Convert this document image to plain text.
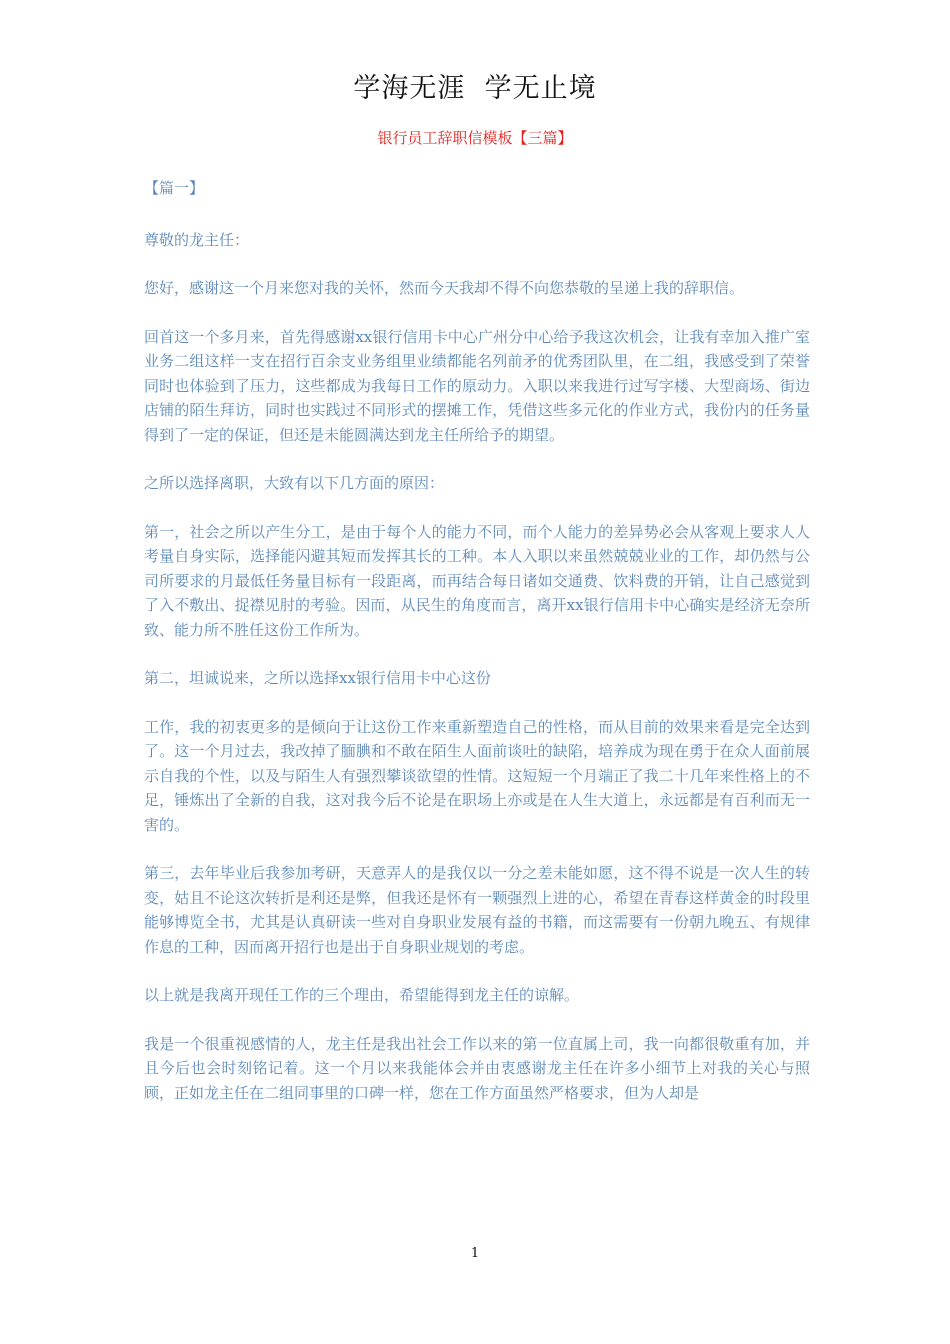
学海无涯  学无止境
银行员工辞职信模板【三篇】

【篇一】

尊敬的龙主任：

您好，感谢这一个月来您对我的关怀，然而今天我却不得不向您恭敬的呈递上我的辞职信。

回首这一个多月来，首先得感谢xx银行信用卡中心广州分中心给予我这次机会，让我有幸加入推广室业务二组这样一支在招行百余支业务组里业绩都能名列前矛的优秀团队里，在二组，我感受到了荣誉同时也体验到了压力，这些都成为我每日工作的原动力。入职以来我进行过写字楼、大型商场、街边店铺的陌生拜访，同时也实践过不同形式的摆摊工作，凭借这些多元化的作业方式，我份内的任务量得到了一定的保证，但还是未能圆满达到龙主任所给予的期望。

之所以选择离职，大致有以下几方面的原因：

第一，社会之所以产生分工，是由于每个人的能力不同，而个人能力的差异势必会从客观上要求人人考量自身实际，选择能闪避其短而发挥其长的工种。本人入职以来虽然兢兢业业的工作，却仍然与公司所要求的月最低任务量目标有一段距离，而再结合每日诸如交通费、饮料费的开销，让自己感觉到了入不敷出、捉襟见肘的考验。因而，从民生的角度而言，离开xx银行信用卡中心确实是经济无奈所致、能力所不胜任这份工作所为。

第二，坦诚说来，之所以选择xx银行信用卡中心这份

工作，我的初衷更多的是倾向于让这份工作来重新塑造自己的性格，而从目前的效果来看是完全达到了。这一个月过去，我改掉了腼腆和不敢在陌生人面前谈吐的缺陷，培养成为现在勇于在众人面前展示自我的个性，以及与陌生人有强烈攀谈欲望的性情。这短短一个月端正了我二十几年来性格上的不足，锤炼出了全新的自我，这对我今后不论是在职场上亦或是在人生大道上，永远都是有百利而无一害的。

第三，去年毕业后我参加考研，天意弄人的是我仅以一分之差未能如愿，这不得不说是一次人生的转变，姑且不论这次转折是利还是弊，但我还是怀有一颗强烈上进的心，希望在青春这样黄金的时段里能够博览全书，尤其是认真研读一些对自身职业发展有益的书籍，而这需要有一份朝九晚五、有规律作息的工种，因而离开招行也是出于自身职业规划的考虑。

以上就是我离开现任工作的三个理由，希望能得到龙主任的谅解。

我是一个很重视感情的人，龙主任是我出社会工作以来的第一位直属上司，我一向都很敬重有加，并且今后也会时刻铭记着。这一个月以来我能体会并由衷感谢龙主任在许多小细节上对我的关心与照顾，正如龙主任在二组同事里的口碑一样，您在工作方面虽然严格要求，但为人却是

1
